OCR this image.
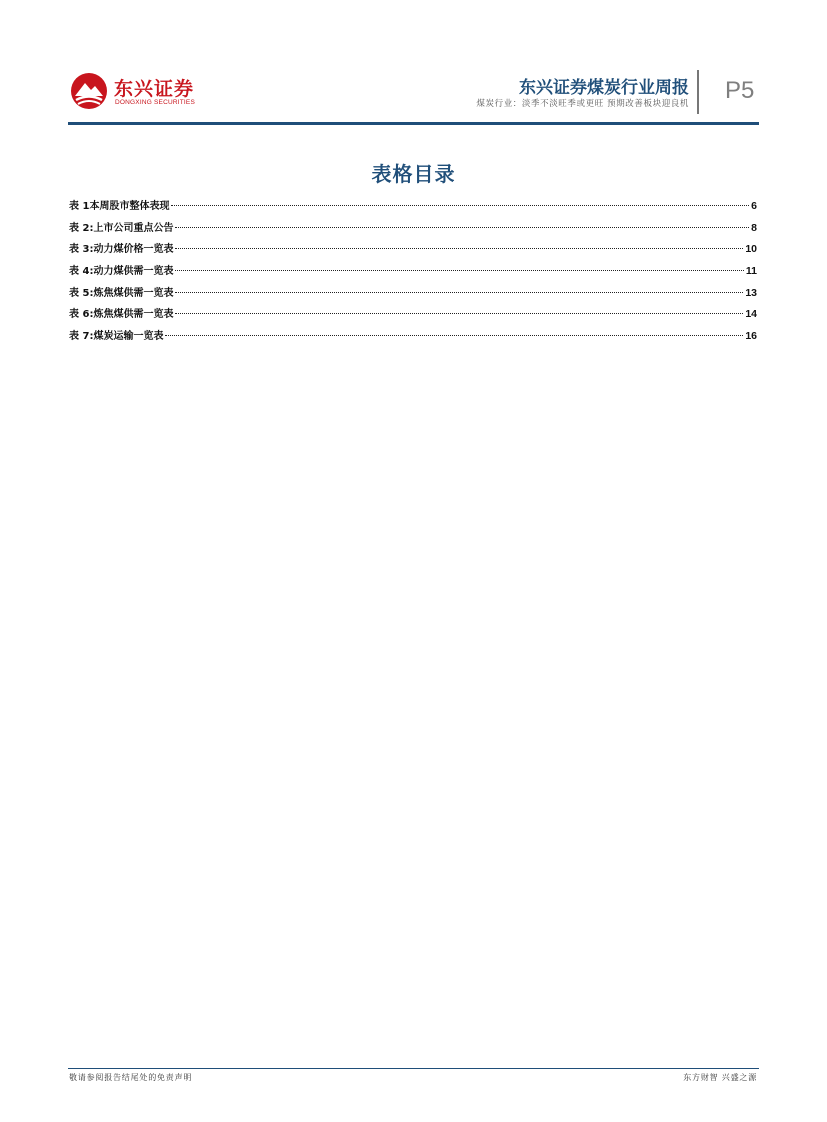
东兴证券
DONGXING SECURITIES
东兴证券煤炭行业周报
煤炭行业：淡季不淡旺季或更旺 预期改善板块迎良机 P5
表格目录
表 1本周股市整体表现	6
表 2:上市公司重点公告	8
表 3:动力煤价格一览表	10
表 4:动力煤供需一览表	11
表 5:炼焦煤供需一览表	13
表 6:炼焦煤供需一览表	14
表 7:煤炭运输一览表	16
敬请参阅报告结尾处的免责声明	东方财智 兴盛之源
